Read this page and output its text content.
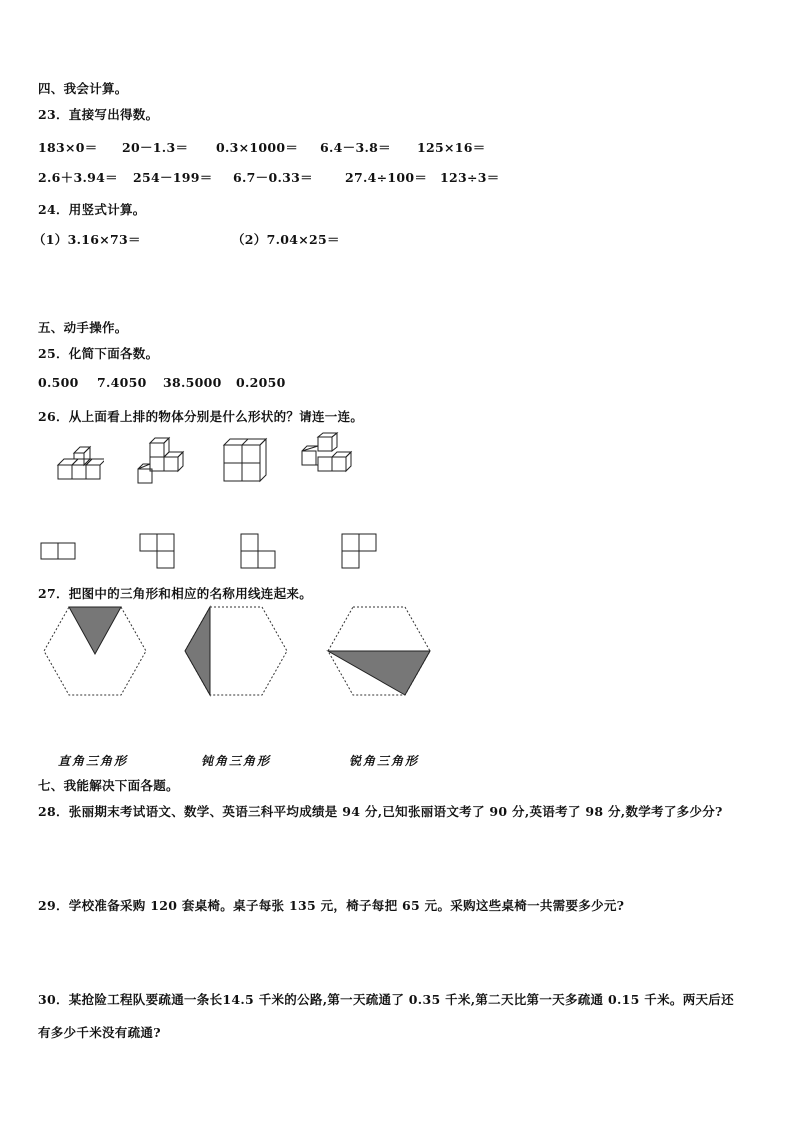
四、我会计算。
23．直接写出得数。
183×0＝ 20－1.3＝ 0.3×1000＝ 6.4－3.8＝ 125×16＝
2.6＋3.94＝ 254－199＝ 6.7－0.33＝	27.4÷100＝ 123÷3＝
24．用竖式计算。
（1）3.16×73＝	（2）7.04×25＝
五、动手操作。
25．化简下面各数。
0.500 7.4050 38.5000 0.2050
26．从上面看上排的物体分别是什么形状的？请连一连。
27．把图中的三角形和相应的名称用线连起来。
直角三角形	钝角三角形	锐角三角形
七、我能解决下面各题。
28．张丽期末考试语文、数学、英语三科平均成绩是 94 分,已知张丽语文考了 90 分,英语考了 98 分,数学考了多少分?
29．学校准备采购 120 套桌椅。桌子每张 135 元，椅子每把 65 元。采购这些桌椅一共需要多少元?
30．某抢险工程队要疏通一条长14.5 千米的公路,第一天疏通了 0.35 千米,第二天比第一天多疏通 0.15 千米。两天后还
有多少千米没有疏通?
